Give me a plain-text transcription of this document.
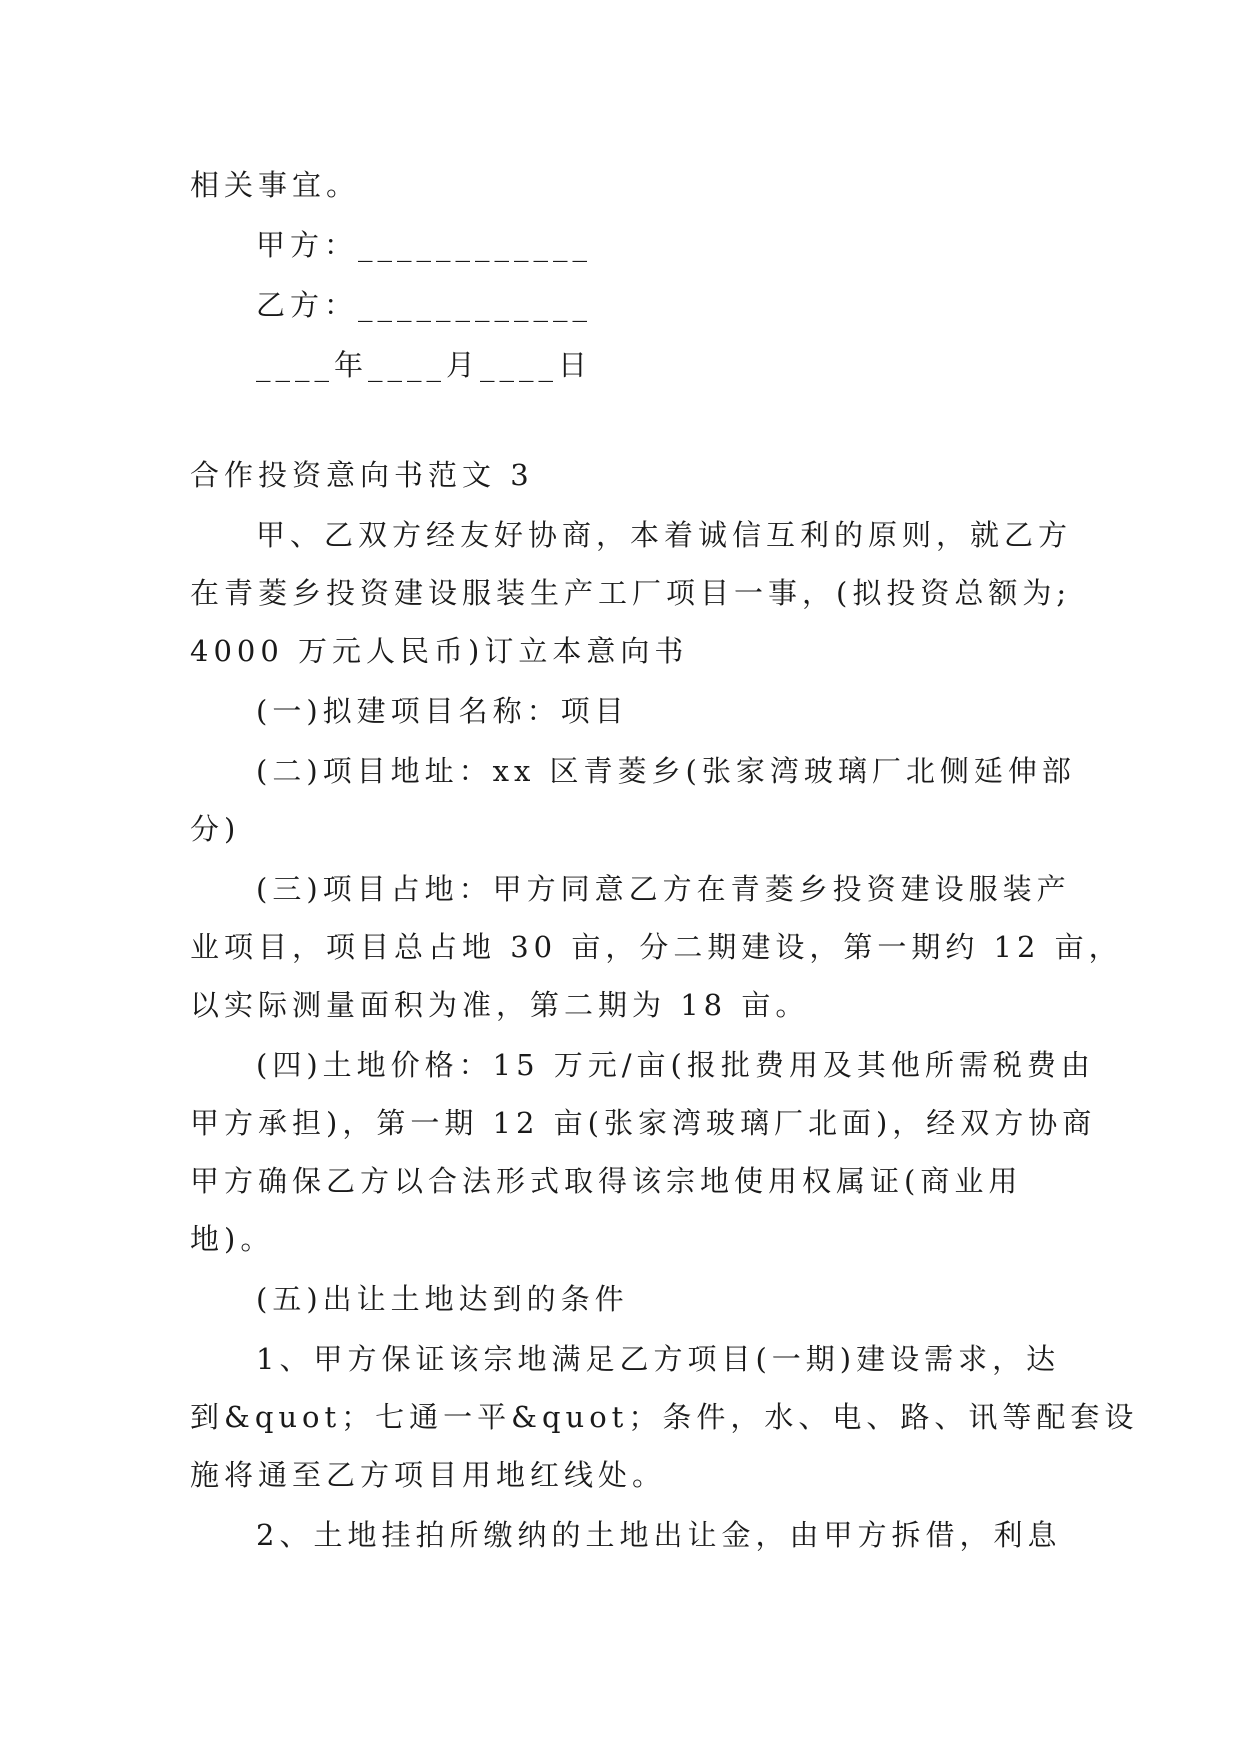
相关事宜。
甲方：____________
乙方：____________
____年____月____日
合作投资意向书范文 3
甲、乙双方经友好协商，本着诚信互利的原则，就乙方
在青菱乡投资建设服装生产工厂项目一事，(拟投资总额为;
4000 万元人民币)订立本意向书
(一)拟建项目名称：项目
(二)项目地址：xx 区青菱乡(张家湾玻璃厂北侧延伸部
分)
(三)项目占地：甲方同意乙方在青菱乡投资建设服装产
业项目，项目总占地 30 亩，分二期建设，第一期约 12 亩，
以实际测量面积为准，第二期为 18 亩。
(四)土地价格：15 万元/亩(报批费用及其他所需税费由
甲方承担)，第一期 12 亩(张家湾玻璃厂北面)，经双方协商
甲方确保乙方以合法形式取得该宗地使用权属证(商业用
地)。
(五)出让土地达到的条件
1、甲方保证该宗地满足乙方项目(一期)建设需求，达
到&quot；七通一平&quot；条件，水、电、路、讯等配套设
施将通至乙方项目用地红线处。
2、土地挂拍所缴纳的土地出让金，由甲方拆借，利息
